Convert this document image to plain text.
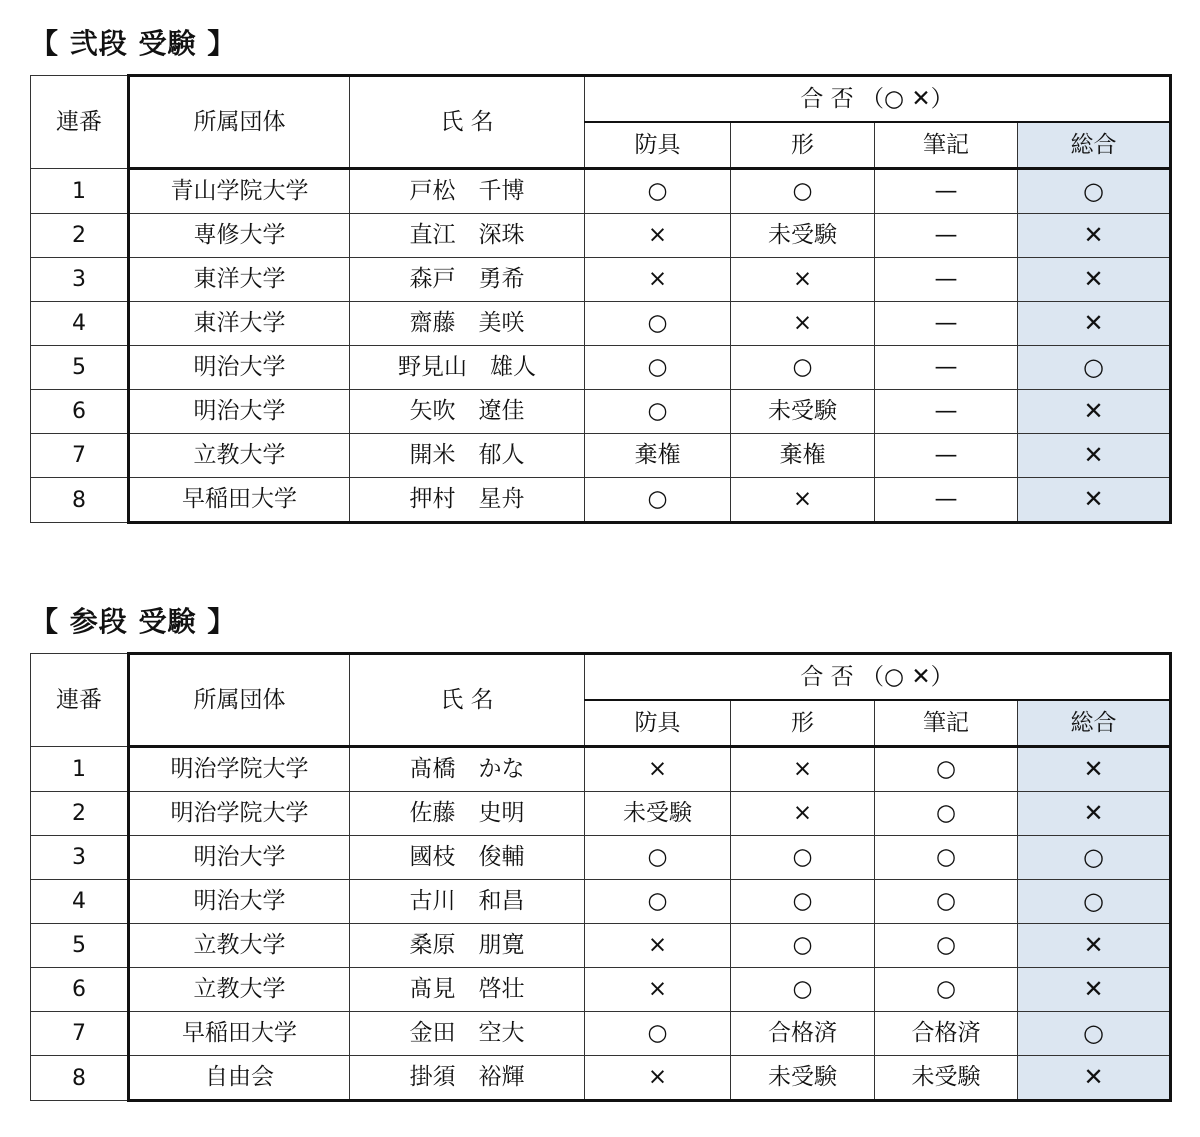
【 弐段 受験 】
連番	所属団体	氏 名	合 否 （○ ✕）			
			防具	形	筆記	総合
1	青山学院大学	戸松　千博	○	○	—	○
2	専修大学	直江　深珠	×	未受験	—	✕
3	東洋大学	森戸　勇希	×	×	—	✕
4	東洋大学	齋藤　美咲	○	×	—	✕
5	明治大学	野見山　雄人	○	○	—	○
6	明治大学	矢吹　遼佳	○	未受験	—	✕
7	立教大学	開米　郁人	棄権	棄権	—	✕
8	早稲田大学	押村　星舟	○	×	—	✕
【 参段 受験 】
連番	所属団体	氏 名	合 否 （○ ✕）			
			防具	形	筆記	総合
1	明治学院大学	髙橋　かな	×	×	○	✕
2	明治学院大学	佐藤　史明	未受験	×	○	✕
3	明治大学	國枝　俊輔	○	○	○	○
4	明治大学	古川　和昌	○	○	○	○
5	立教大学	桑原　朋寛	×	○	○	✕
6	立教大学	髙見　啓壮	×	○	○	✕
7	早稲田大学	金田　空大	○	合格済	合格済	○
8	自由会	掛須　裕輝	×	未受験	未受験	✕
